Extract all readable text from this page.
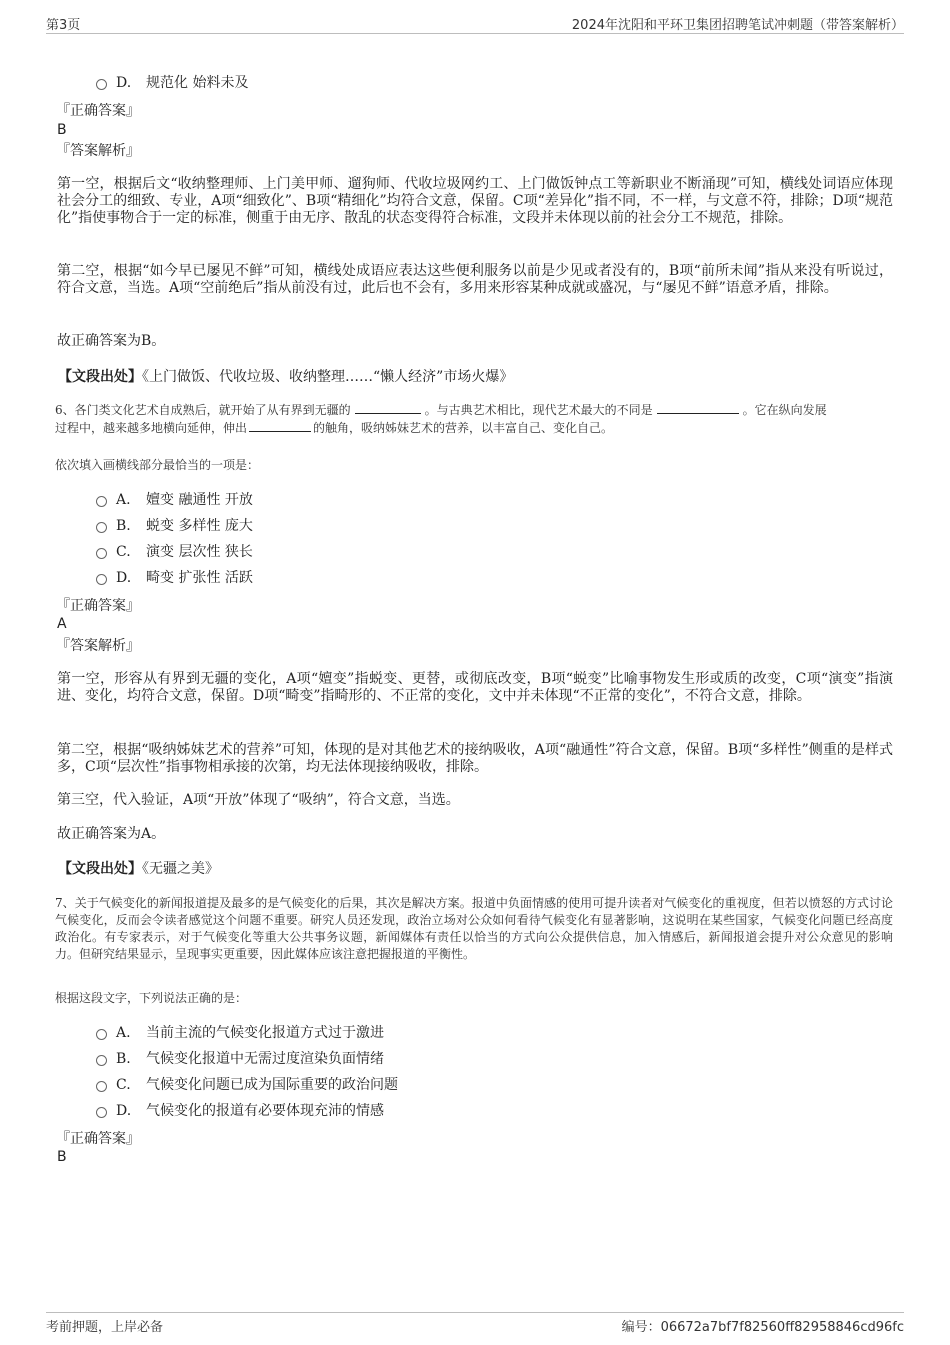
第3页	2024年沈阳和平环卫集团招聘笔试冲刺题（带答案解析）
D. 规范化 始料未及
『正确答案』
B
『答案解析』
第一空，根据后文“收纳整理师、上门美甲师、遛狗师、代收垃圾网约工、上门做饭钟点工等新职业不断涌现”可知，横线处词语应体现社会分工的细致、专业，A项“细致化”、B项“精细化”均符合文意，保留。C项“差异化”指不同，不一样，与文意不符，排除；D项“规范化”指使事物合于一定的标准，侧重于由无序、散乱的状态变得符合标准，文段并未体现以前的社会分工不规范，排除。
第二空，根据“如今早已屡见不鲜”可知，横线处成语应表达这些便利服务以前是少见或者没有的，B项“前所未闻”指从来没有听说过，符合文意，当选。A项“空前绝后”指从前没有过，此后也不会有，多用来形容某种成就或盛况，与“屡见不鲜”语意矛盾，排除。
故正确答案为B。
【文段出处】《上门做饭、代收垃圾、收纳整理……“懒人经济”市场火爆》
6、各门类文化艺术自成熟后，就开始了从有界到无疆的	。与古典艺术相比，现代艺术最大的不同是	。它在纵向发展
过程中，越来越多地横向延伸，伸出	的触角，吸纳姊妹艺术的营养，以丰富自己、变化自己。
依次填入画横线部分最恰当的一项是：
A. 嬗变 融通性 开放
B. 蜕变 多样性 庞大
C. 演变 层次性 狭长
D. 畸变 扩张性 活跃
『正确答案』
A
『答案解析』
第一空，形容从有界到无疆的变化，A项“嬗变”指蜕变、更替，或彻底改变，B项“蜕变”比喻事物发生形或质的改变，C项“演变”指演进、变化，均符合文意，保留。D项“畸变”指畸形的、不正常的变化，文中并未体现“不正常的变化”，不符合文意，排除。
第二空，根据“吸纳姊妹艺术的营养”可知，体现的是对其他艺术的接纳吸收，A项“融通性”符合文意，保留。B项“多样性”侧重的是样式多，C项“层次性”指事物相承接的次第，均无法体现接纳吸收，排除。
第三空，代入验证，A项“开放”体现了“吸纳”，符合文意，当选。
故正确答案为A。
【文段出处】《无疆之美》
7、关于气候变化的新闻报道提及最多的是气候变化的后果，其次是解决方案。报道中负面情感的使用可提升读者对气候变化的重视度，但若以愤怒的方式讨论气候变化，反而会令读者感觉这个问题不重要。研究人员还发现，政治立场对公众如何看待气候变化有显著影响，这说明在某些国家，气候变化问题已经高度政治化。有专家表示，对于气候变化等重大公共事务议题，新闻媒体有责任以恰当的方式向公众提供信息，加入情感后，新闻报道会提升对公众意见的影响力。但研究结果显示，呈现事实更重要，因此媒体应该注意把握报道的平衡性。
根据这段文字，下列说法正确的是：
A. 当前主流的气候变化报道方式过于激进
B. 气候变化报道中无需过度渲染负面情绪
C. 气候变化问题已成为国际重要的政治问题
D. 气候变化的报道有必要体现充沛的情感
『正确答案』
B
考前押题，上岸必备	编号：06672a7bf7f82560ff82958846cd96fc
